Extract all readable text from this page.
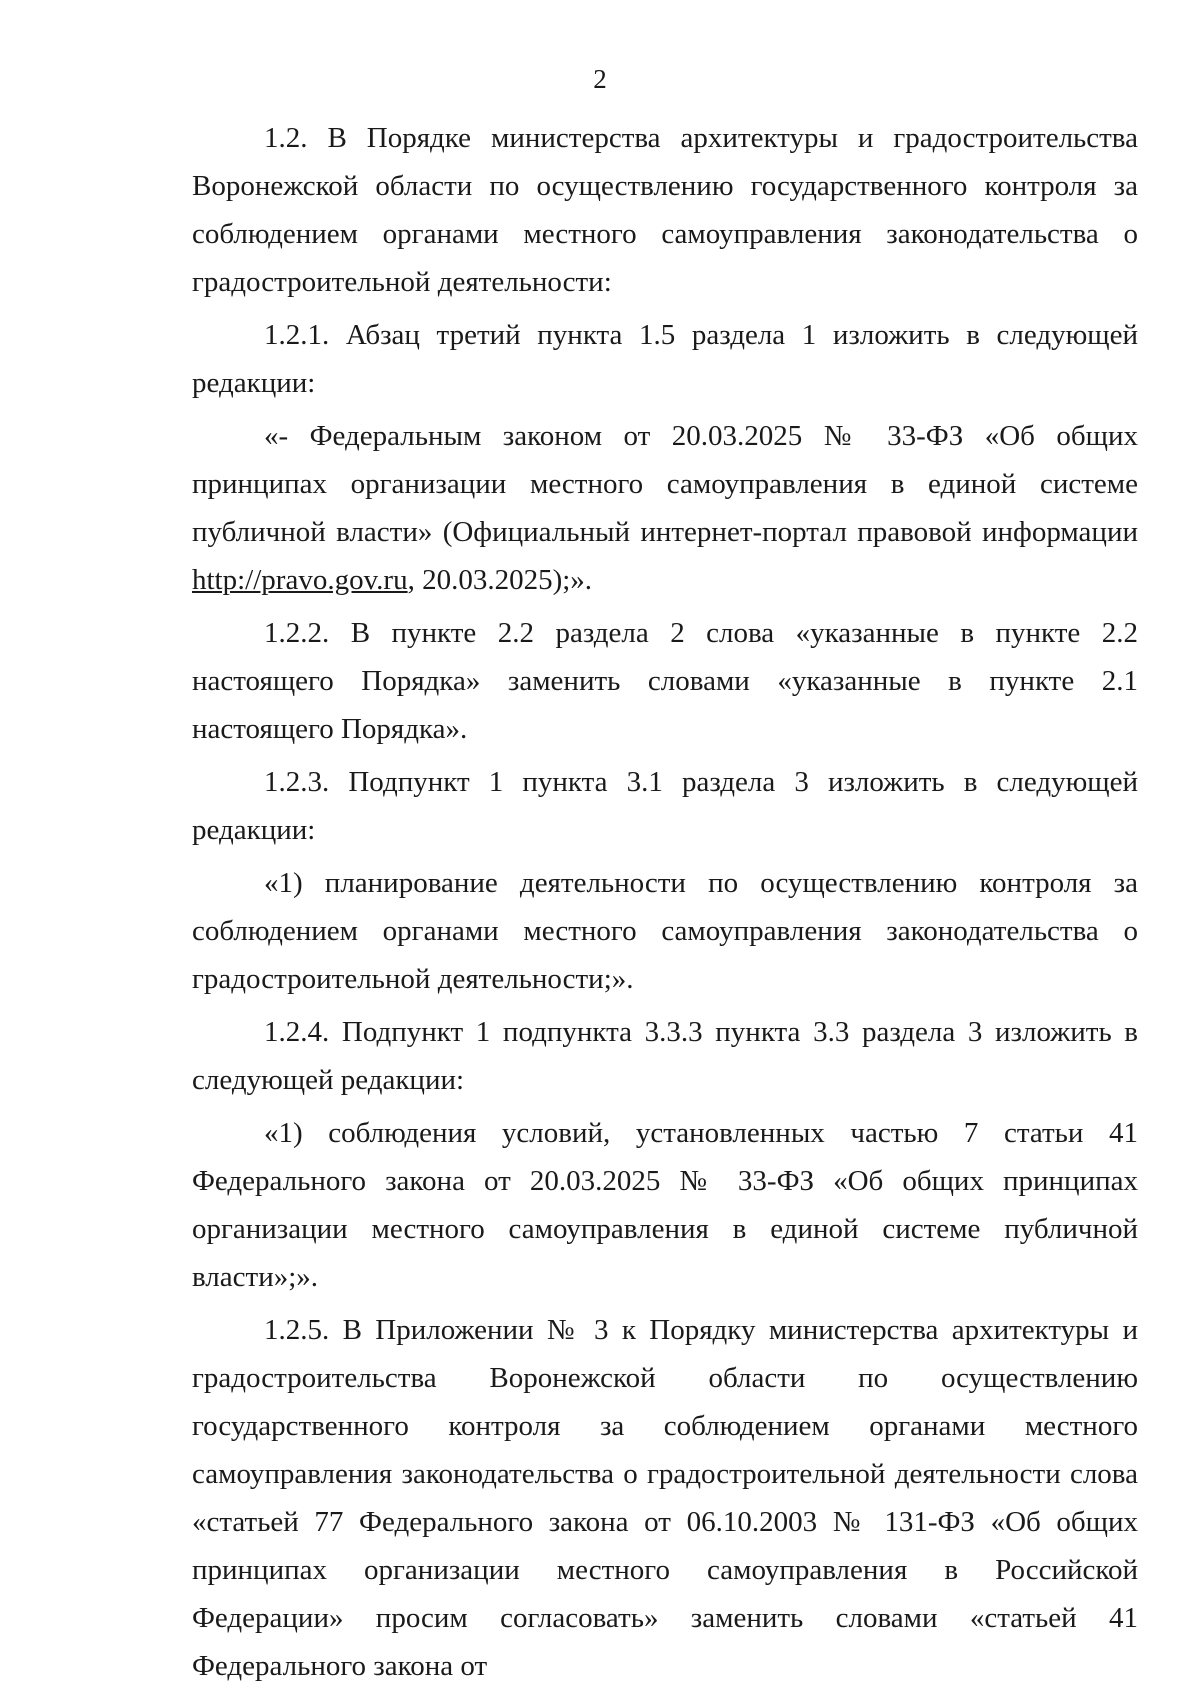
2

1.2. В Порядке министерства архитектуры и градостроительства Воронежской области по осуществлению государственного контроля за соблюдением органами местного самоуправления законодательства о градостроительной деятельности:

1.2.1. Абзац третий пункта 1.5 раздела 1 изложить в следующей редакции:

«- Федеральным законом от 20.03.2025 № 33-ФЗ «Об общих принципах организации местного самоуправления в единой системе публичной власти» (Официальный интернет-портал правовой информации http://pravo.gov.ru, 20.03.2025);».

1.2.2. В пункте 2.2 раздела 2 слова «указанные в пункте 2.2 настоящего Порядка» заменить словами «указанные в пункте 2.1 настоящего Порядка».

1.2.3. Подпункт 1 пункта 3.1 раздела 3 изложить в следующей редакции:

«1) планирование деятельности по осуществлению контроля за соблюдением органами местного самоуправления законодательства о градостроительной деятельности;».

1.2.4. Подпункт 1 подпункта 3.3.3 пункта 3.3 раздела 3 изложить в следующей редакции:

«1) соблюдения условий, установленных частью 7 статьи 41 Федерального закона от 20.03.2025 № 33-ФЗ «Об общих принципах организации местного самоуправления в единой системе публичной власти»;».

1.2.5. В Приложении № 3 к Порядку министерства архитектуры и градостроительства Воронежской области по осуществлению государственного контроля за соблюдением органами местного самоуправления законодательства о градостроительной деятельности слова «статьей 77 Федерального закона от 06.10.2003 № 131-ФЗ «Об общих принципах организации местного самоуправления в Российской Федерации» просим согласовать» заменить словами «статьей 41 Федерального закона от
